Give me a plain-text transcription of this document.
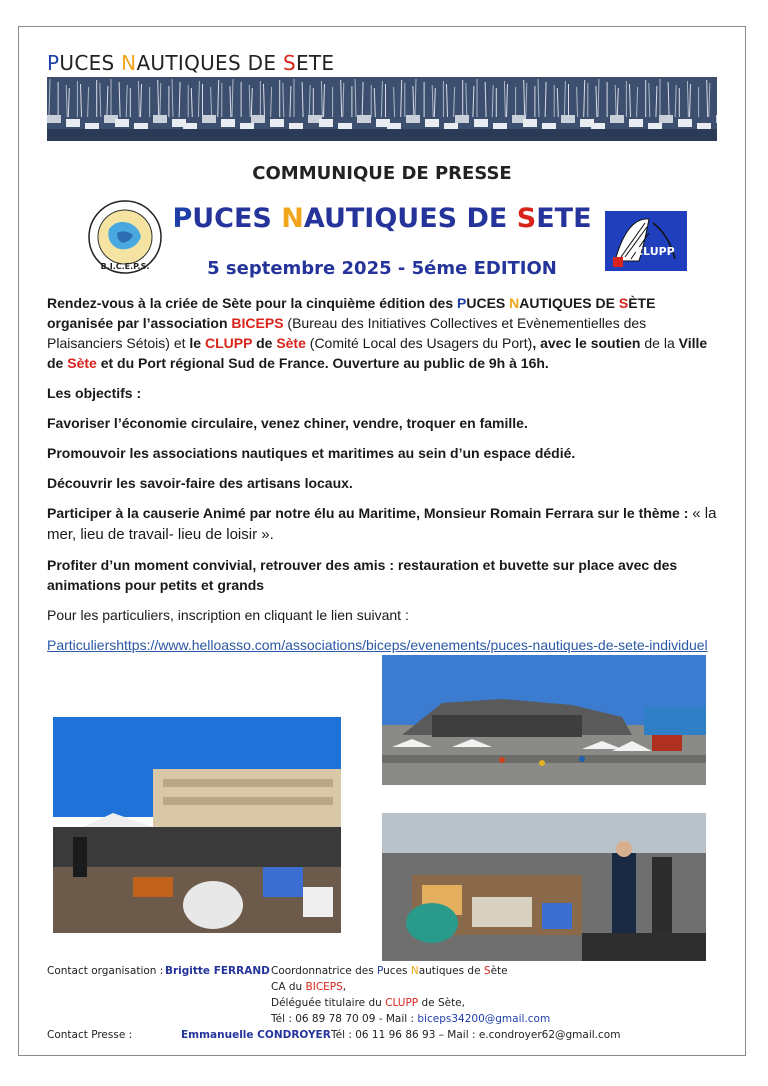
PUCES NAUTIQUES DE SETE
COMMUNIQUE DE PRESSE
B.I.C.E.P.S.
PUCES NAUTIQUES DE SETE
CLUPP
5 septembre 2025 - 5éme EDITION

Rendez-vous à la criée de Sète pour la cinquième édition des PUCES NAUTIQUES DE SÈTE organisée par l’association BICEPS (Bureau des Initiatives Collectives et Evènementielles des Plaisanciers Sétois) et le CLUPP de Sète (Comité Local des Usagers du Port), avec le soutien de la Ville de Sète et du Port régional Sud de France. Ouverture au public de 9h à 16h.

Les objectifs :

Favoriser l’économie circulaire, venez chiner, vendre, troquer en famille.

Promouvoir les associations nautiques et maritimes au sein d’un espace dédié.

Découvrir les savoir-faire des artisans locaux.

Participer à la causerie Animé par notre élu au Maritime, Monsieur Romain Ferrara sur le thème : « la mer, lieu de travail- lieu de loisir ».

Profiter d’un moment convivial, retrouver des amis : restauration et buvette sur place avec des animations pour petits et grands

Pour les particuliers, inscription en cliquant le lien suivant :

Particuliershttps://www.helloasso.com/associations/biceps/evenements/puces-nautiques-de-sete-individuel
Contact organisation : Brigitte FERRAND Coordonnatrice des Puces Nautiques de Sète
CA du BICEPS,
Déléguée titulaire du CLUPP de Sète,
Tél : 06 89 78 70 09 - Mail : biceps34200@gmail.com
Contact Presse :	Emmanuelle CONDROYER Tél : 06 11 96 86 93 – Mail : e.condroyer62@gmail.com
